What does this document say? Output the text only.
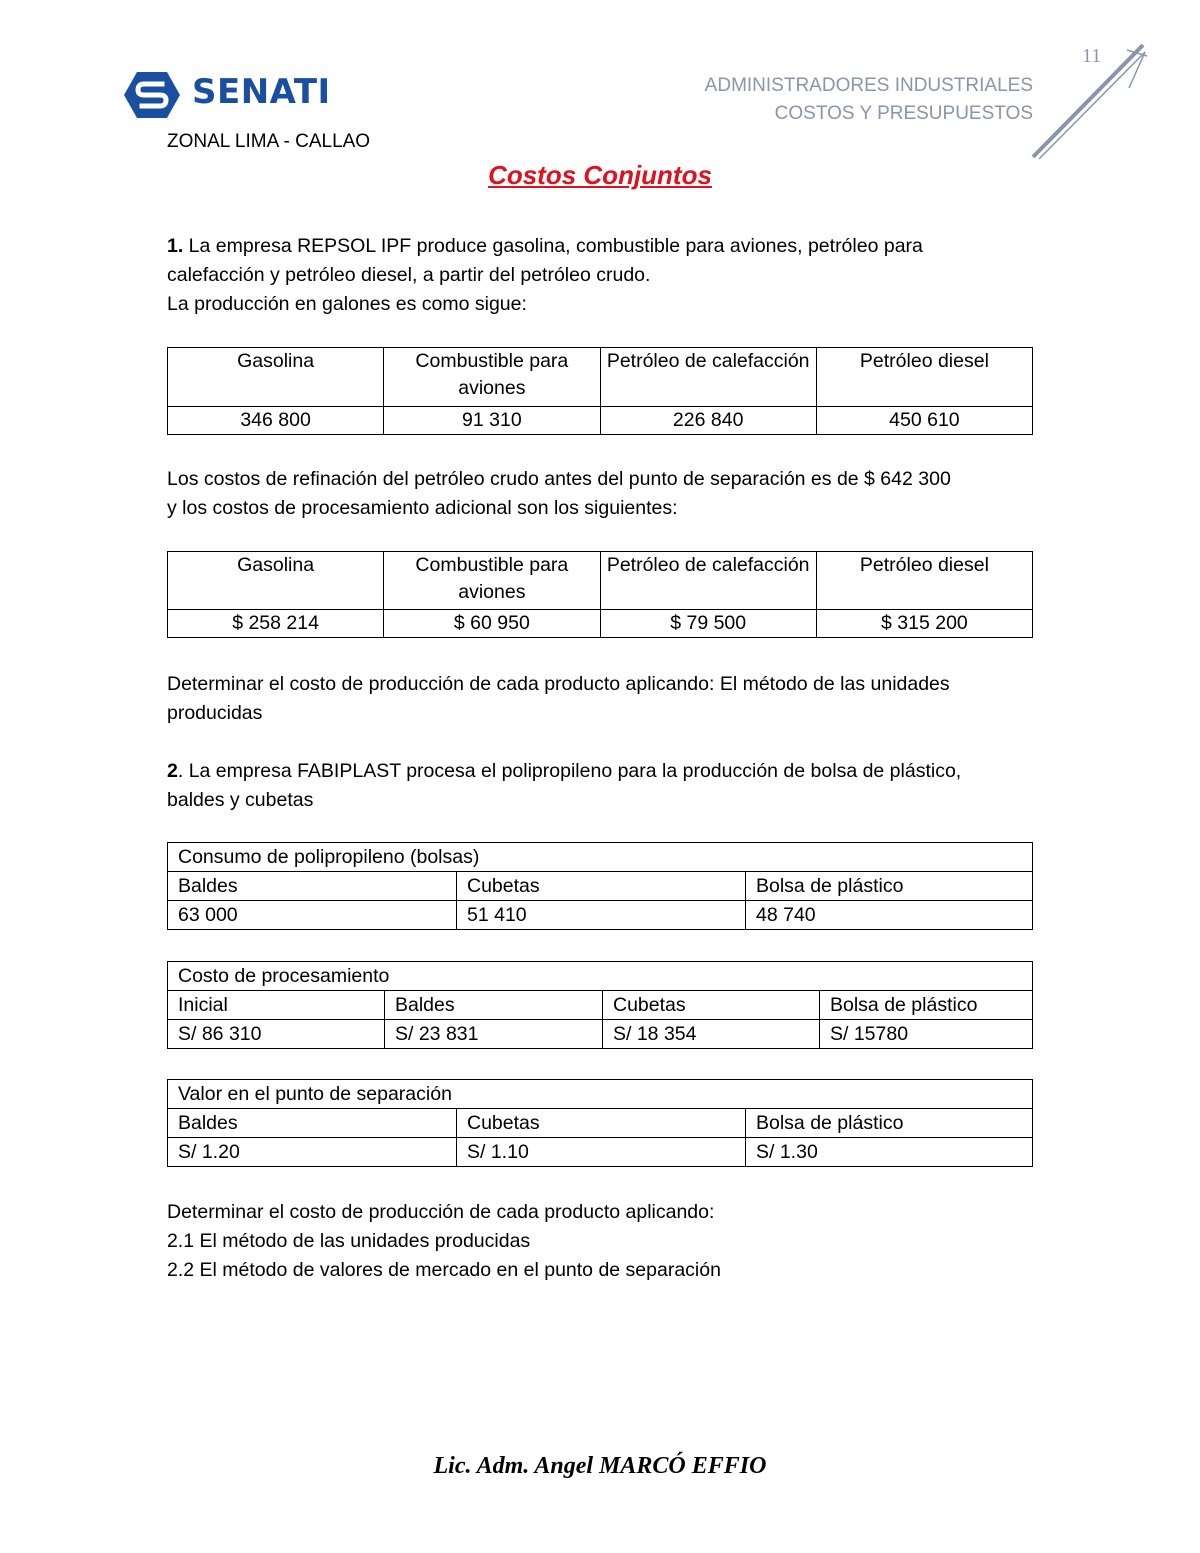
SENATI
ZONAL LIMA - CALLAO
ADMINISTRADORES INDUSTRIALES
COSTOS Y PRESUPUESTOS
11
Costos Conjuntos
1. La empresa REPSOL IPF produce gasolina, combustible para aviones, petróleo para
calefacción y petróleo diesel, a partir del petróleo crudo.
La producción en galones es como sigue:
Gasolina	Combustible para aviones	Petróleo de calefacción	Petróleo diesel
346 800	91 310	226 840	450 610
Los costos de refinación del petróleo crudo antes del punto de separación es de $ 642 300
y los costos de procesamiento adicional son los siguientes:
Gasolina	Combustible para aviones	Petróleo de calefacción	Petróleo diesel
$ 258 214	$ 60 950	$ 79 500	$ 315 200
Determinar el costo de producción de cada producto aplicando: El método de las unidades
producidas
2. La empresa FABIPLAST procesa el polipropileno para la producción de bolsa de plástico,
baldes y cubetas
Consumo de polipropileno (bolsas)		
Baldes	Cubetas	Bolsa de plástico
63 000	51 410	48 740
Costo de procesamiento			
Inicial	Baldes	Cubetas	Bolsa de plástico
S/ 86 310	S/ 23 831	S/ 18 354	S/ 15780
Valor en el punto de separación		
Baldes	Cubetas	Bolsa de plástico
S/ 1.20	S/ 1.10	S/ 1.30
Determinar el costo de producción de cada producto aplicando:
2.1 El método de las unidades producidas
2.2 El método de valores de mercado en el punto de separación
Lic. Adm. Angel MARCÓ EFFIO
